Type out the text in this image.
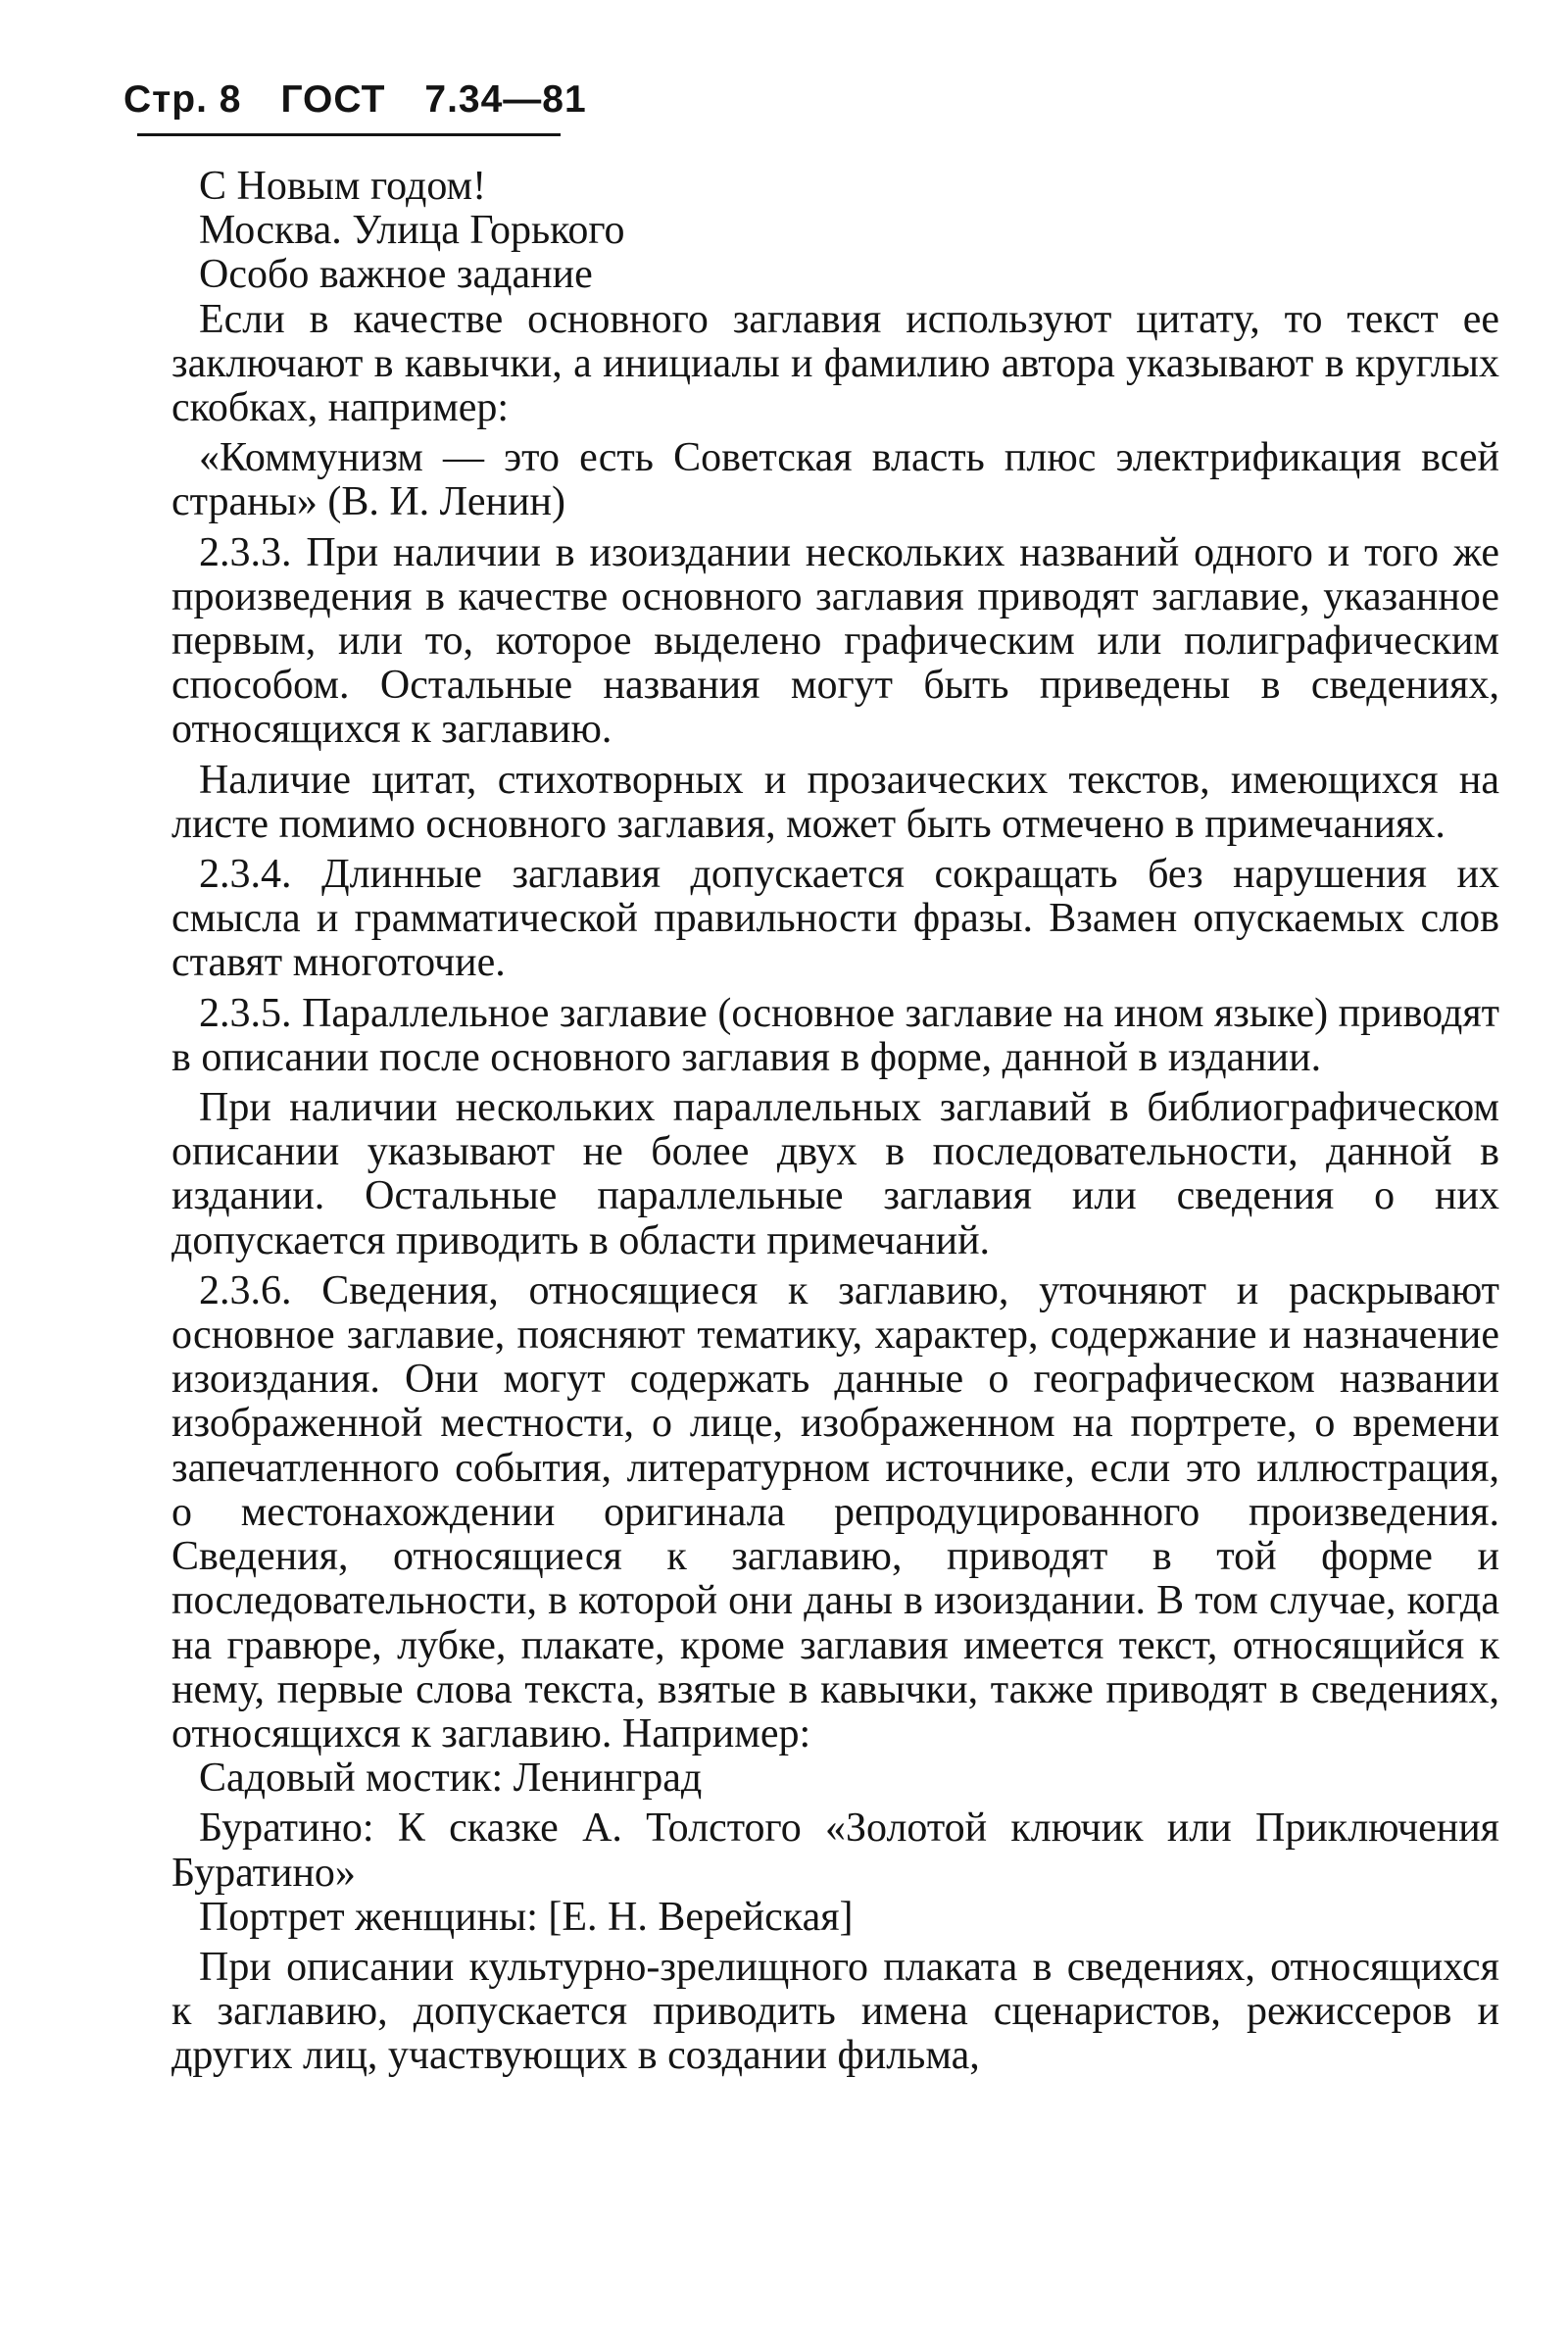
Стр. 8 ГОСТ 7.34—81

С Новым годом!

Москва. Улица Горького

Особо важное задание

Если в качестве основного заглавия используют цитату, то текст ее заключают в кавычки, а инициалы и фамилию автора указывают в круглых скобках, например:

«Коммунизм — это есть Советская власть плюс электрификация всей страны» (В. И. Ленин)

2.3.3. При наличии в изоиздании нескольких названий одного и того же произведения в качестве основного заглавия приводят заглавие, указанное первым, или то, которое выделено графическим или полиграфическим способом. Остальные названия могут быть приведены в сведениях, относящихся к заглавию.

Наличие цитат, стихотворных и прозаических текстов, имеющихся на листе помимо основного заглавия, может быть отмечено в примечаниях.

2.3.4. Длинные заглавия допускается сокращать без нарушения их смысла и грамматической правильности фразы. Взамен опускаемых слов ставят многоточие.

2.3.5. Параллельное заглавие (основное заглавие на ином языке) приводят в описании после основного заглавия в форме, данной в издании.

При наличии нескольких параллельных заглавий в библиографическом описании указывают не более двух в последовательности, данной в издании. Остальные параллельные заглавия или сведения о них допускается приводить в области примечаний.

2.3.6. Сведения, относящиеся к заглавию, уточняют и раскрывают основное заглавие, поясняют тематику, характер, содержание и назначение изоиздания. Они могут содержать данные о географическом названии изображенной местности, о лице, изображенном на портрете, о времени запечатленного события, литературном источнике, если это иллюстрация, о местонахождении оригинала репродуцированного произведения. Сведения, относящиеся к заглавию, приводят в той форме и последовательности, в которой они даны в изоиздании. В том случае, когда на гравюре, лубке, плакате, кроме заглавия имеется текст, относящийся к нему, первые слова текста, взятые в кавычки, также приводят в сведениях, относящихся к заглавию. Например:

Садовый мостик: Ленинград

Буратино: К сказке А. Толстого «Золотой ключик или Приключения Буратино»

Портрет женщины: [Е. Н. Верейская]

При описании культурно-зрелищного плаката в сведениях, относящихся к заглавию, допускается приводить имена сценаристов, режиссеров и других лиц, участвующих в создании фильма,
